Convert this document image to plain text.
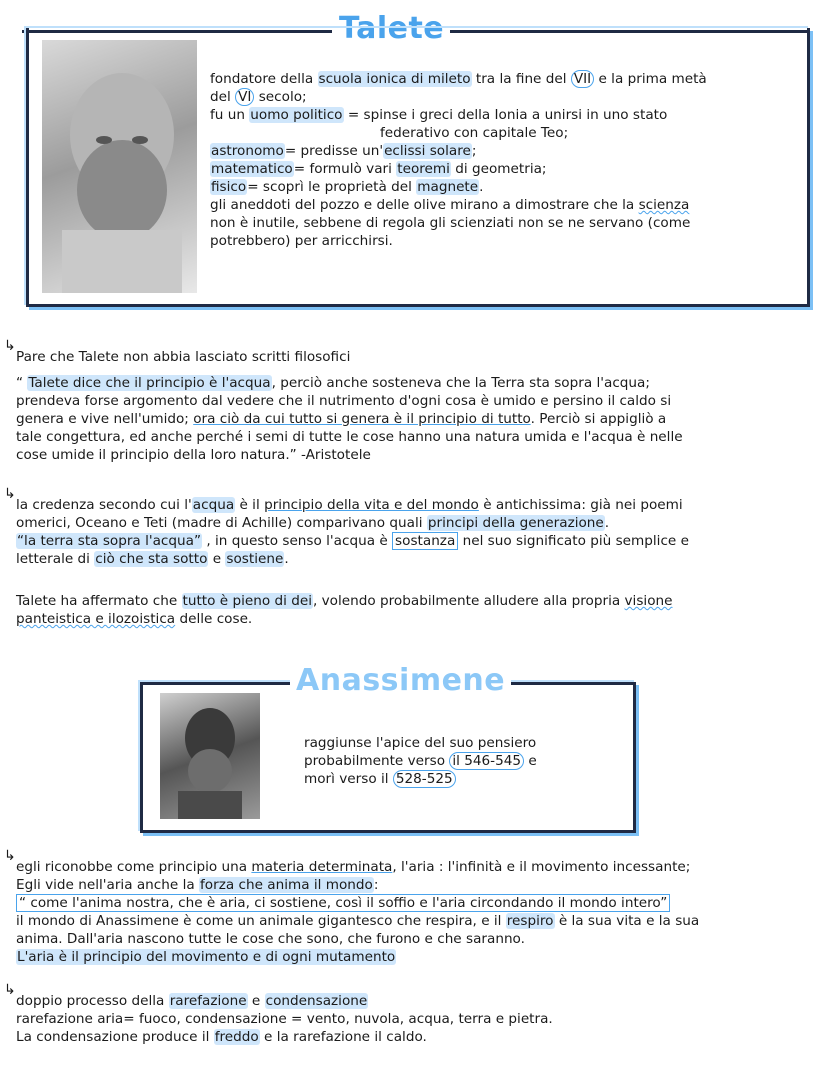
Talete
fondatore della scuola ionica di mileto tra la fine del VII e la prima metà
del VI secolo;
fu un uomo politico = spinse i greci della Ionia a unirsi in uno stato
federativo con capitale Teo;
astronomo= predisse un'eclissi solare;
matematico= formulò vari teoremi di geometria;
fisico= scoprì le proprietà del magnete.
gli aneddoti del pozzo e delle olive mirano a dimostrare che la scienza
non è inutile, sebbene di regola gli scienziati non se ne servano (come
potrebbero) per arricchirsi.
↳
Pare che Talete non abbia lasciato scritti filosofici
“ Talete dice che il principio è l'acqua, perciò anche sosteneva che la Terra sta sopra l'acqua;
prendeva forse argomento dal vedere che il nutrimento d'ogni cosa è umido e persino il caldo si
genera e vive nell'umido; ora ciò da cui tutto si genera è il principio di tutto. Perciò si appigliò a
tale congettura, ed anche perché i semi di tutte le cose hanno una natura umida e l'acqua è nelle
cose umide il principio della loro natura.” -Aristotele
↳
la credenza secondo cui l'acqua è il principio della vita e del mondo è antichissima: già nei poemi
omerici, Oceano e Teti (madre di Achille) comparivano quali principi della generazione.
“la terra sta sopra l'acqua” , in questo senso l'acqua è sostanza nel suo significato più semplice e
letterale di ciò che sta sotto e sostiene.
Talete ha affermato che tutto è pieno di dei, volendo probabilmente alludere alla propria visione
panteistica e ilozoistica delle cose.
Anassimene
raggiunse l'apice del suo pensiero
probabilmente verso il 546-545 e
morì verso il 528-525
↳
egli riconobbe come principio una materia determinata, l'aria : l'infinità e il movimento incessante;
Egli vide nell'aria anche la forza che anima il mondo:
“ come l'anima nostra, che è aria, ci sostiene, così il soffio e l'aria circondando il mondo intero”
il mondo di Anassimene è come un animale gigantesco che respira, e il respiro è la sua vita e la sua
anima. Dall'aria nascono tutte le cose che sono, che furono e che saranno.
L'aria è il principio del movimento e di ogni mutamento
↳
doppio processo della rarefazione e condensazione
rarefazione aria= fuoco, condensazione = vento, nuvola, acqua, terra e pietra.
La condensazione produce il freddo e la rarefazione il caldo.
